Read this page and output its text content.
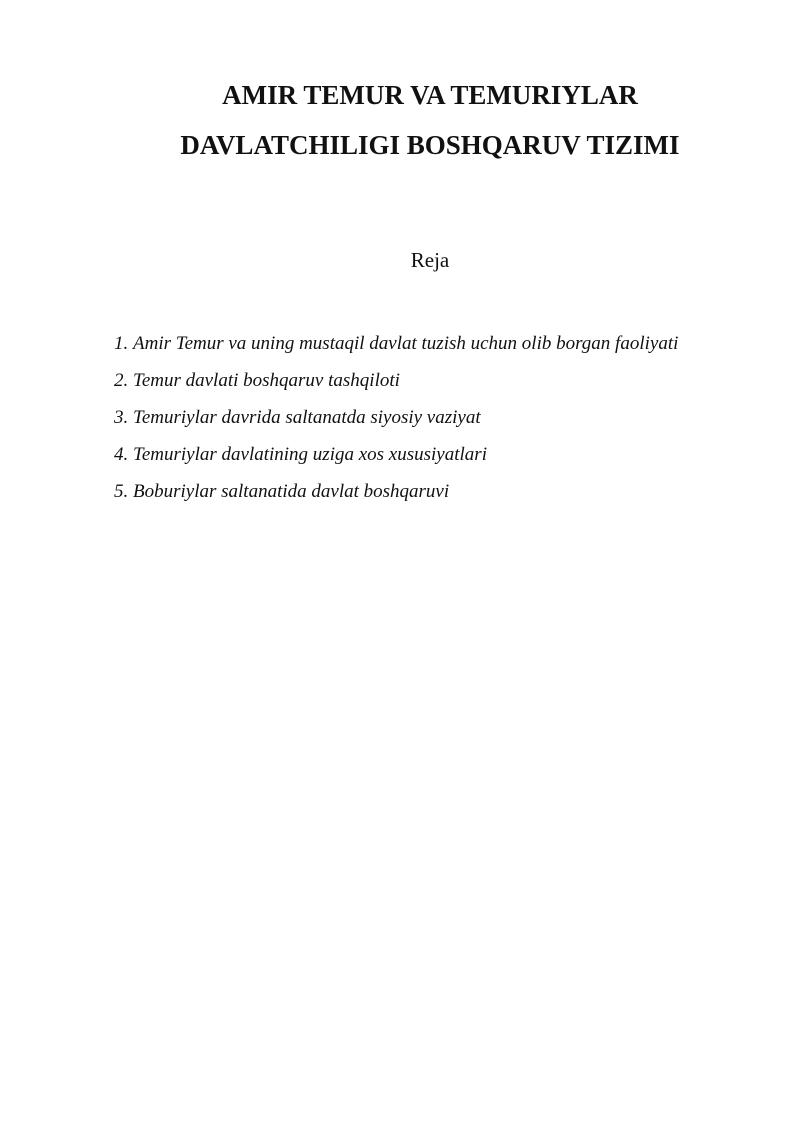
AMIR TEMUR VA TEMURIYLAR
DAVLATCHILIGI BOSHQARUV TIZIMI
Reja
1. Amir Temur va uning mustaqil davlat tuzish uchun olib borgan faoliyati
2. Temur davlati boshqaruv tashqiloti
3. Temuriylar davrida saltanatda siyosiy vaziyat
4. Temuriylar davlatining uziga xos xususiyatlari
5. Boburiylar saltanatida davlat boshqaruvi
